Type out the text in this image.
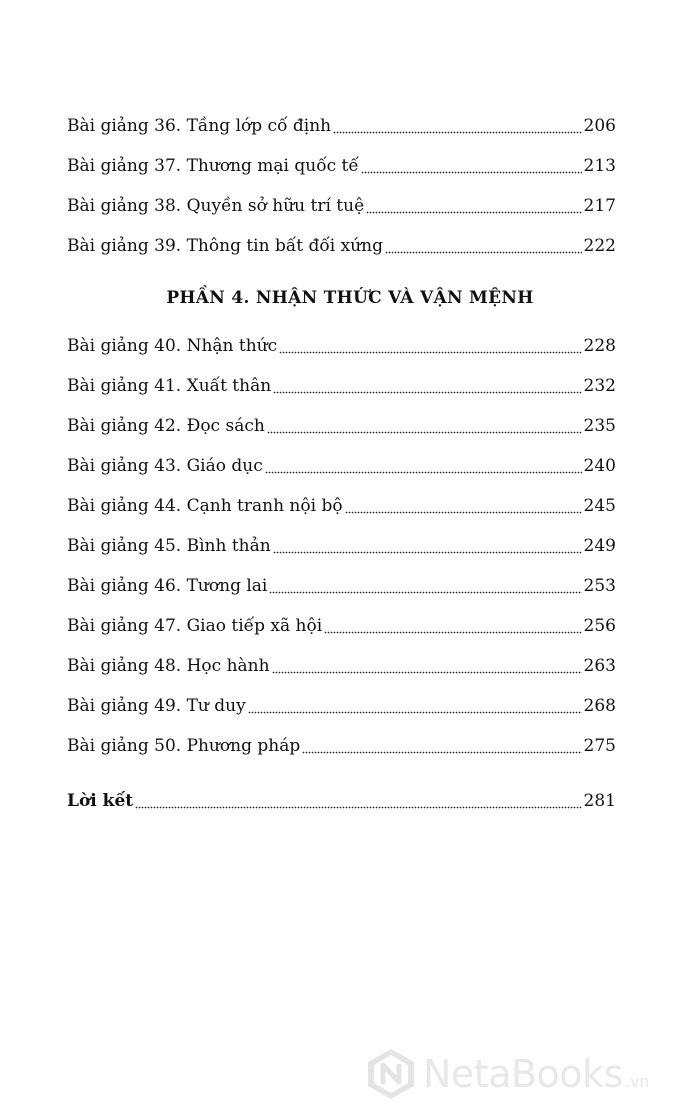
Bài giảng 36. Tầng lớp cố định	206
Bài giảng 37. Thương mại quốc tế	213
Bài giảng 38. Quyền sở hữu trí tuệ	217
Bài giảng 39. Thông tin bất đối xứng	222
Bài giảng 40. Nhận thức	228
Bài giảng 41. Xuất thân	232
Bài giảng 42. Đọc sách	235
Bài giảng 43. Giáo dục	240
Bài giảng 44. Cạnh tranh nội bộ	245
Bài giảng 45. Bình thản	249
Bài giảng 46. Tương lai	253
Bài giảng 47. Giao tiếp xã hội	256
Bài giảng 48. Học hành	263
Bài giảng 49. Tư duy	268
Bài giảng 50. Phương pháp	275
Lời kết	281
PHẦN 4. NHẬN THỨC VÀ VẬN MỆNH
NetaBooks .vn
